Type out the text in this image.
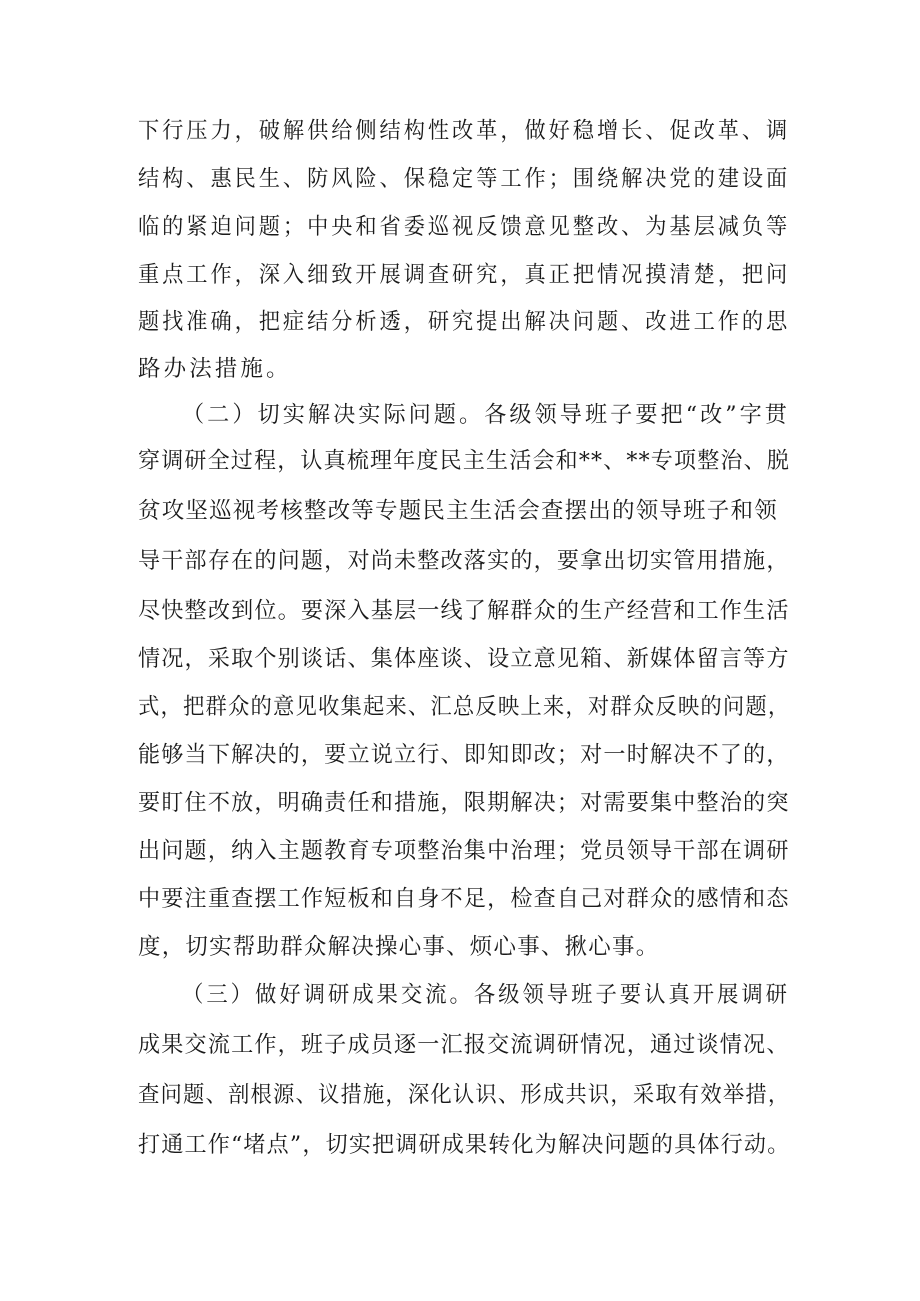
下行压力，破解供给侧结构性改革，做好稳增长、促改革、调
结构、惠民生、防风险、保稳定等工作；围绕解决党的建设面
临的紧迫问题；中央和省委巡视反馈意见整改、为基层减负等
重点工作，深入细致开展调查研究，真正把情况摸清楚，把问
题找准确，把症结分析透，研究提出解决问题、改进工作的思
路办法措施。
（二）切实解决实际问题。各级领导班子要把“改”字贯
穿调研全过程，认真梳理年度民主生活会和**、**专项整治、脱
贫攻坚巡视考核整改等专题民主生活会查摆出的领导班子和领
导干部存在的问题，对尚未整改落实的，要拿出切实管用措施，
尽快整改到位。要深入基层一线了解群众的生产经营和工作生活
情况，采取个别谈话、集体座谈、设立意见箱、新媒体留言等方
式，把群众的意见收集起来、汇总反映上来，对群众反映的问题，
能够当下解决的，要立说立行、即知即改；对一时解决不了的，
要盯住不放，明确责任和措施，限期解决；对需要集中整治的突
出问题，纳入主题教育专项整治集中治理；党员领导干部在调研
中要注重查摆工作短板和自身不足，检查自己对群众的感情和态
度，切实帮助群众解决操心事、烦心事、揪心事。
（三）做好调研成果交流。各级领导班子要认真开展调研
成果交流工作，班子成员逐一汇报交流调研情况，通过谈情况、
查问题、剖根源、议措施，深化认识、形成共识，采取有效举措，
打通工作“堵点”，切实把调研成果转化为解决问题的具体行动。
